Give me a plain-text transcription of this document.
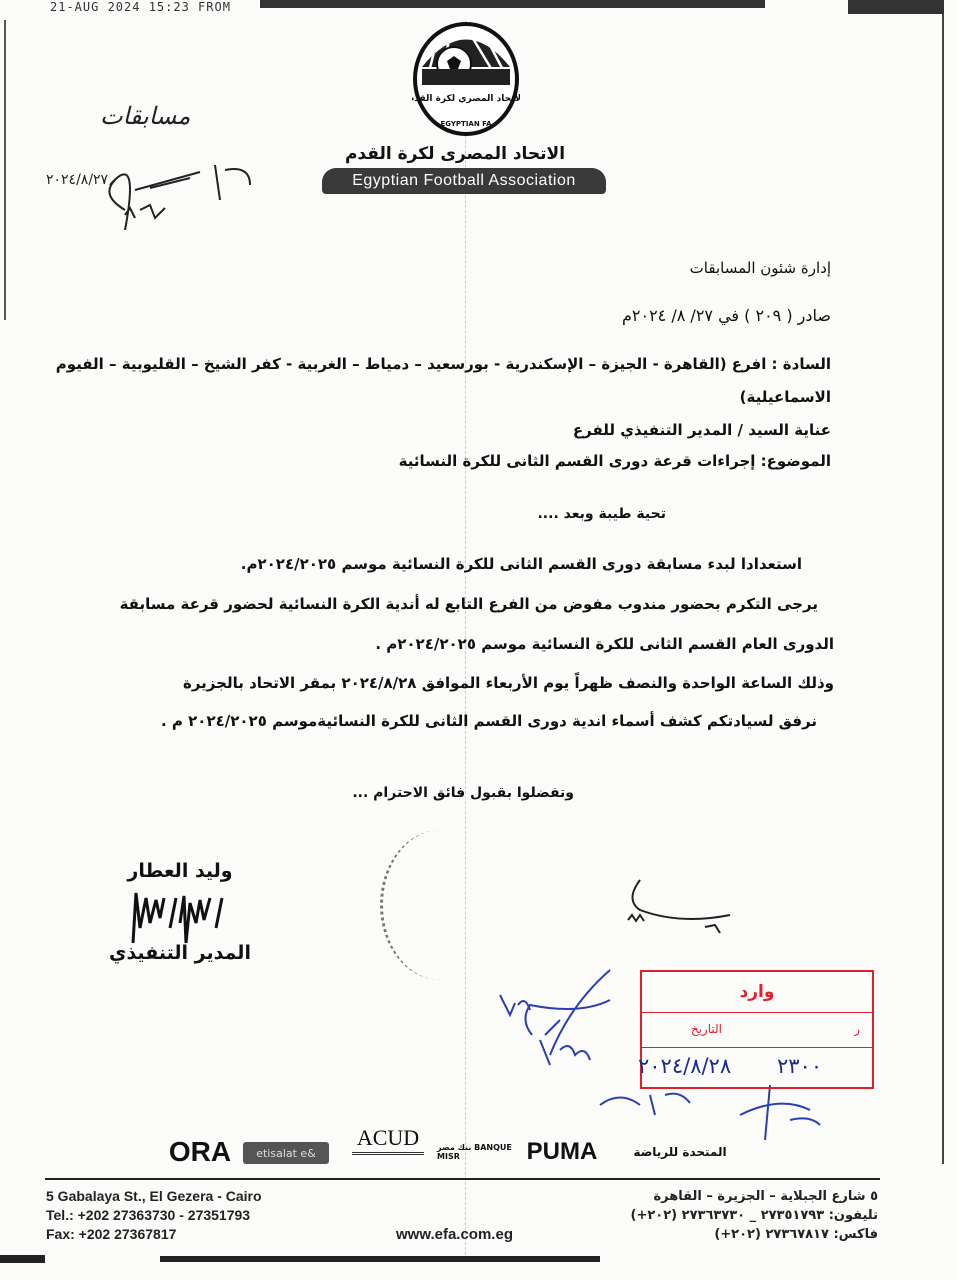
21-AUG 2024 15:23 FROM
الاتحاد المصري لكرة القدم
EGYPTIAN FA
الاتحاد المصرى لكرة القدم
Egyptian Football Association
مسابقات
٢٠٢٤/٨/٢٧
إدارة شئون المسابقات
صادر ( ٢٠٩ ) في ٢٧/ ٨/ ٢٠٢٤م
السادة : افرع (القاهرة - الجيزة – الإسكندرية - بورسعيد – دمياط – الغربية - كفر الشيخ – القليوبية – الفيوم
الاسماعيلية)
عناية السيد / المدير التنفيذي للفرع
الموضوع: إجراءات قرعة دورى القسم الثانى للكرة النسائية
تحية طيبة وبعد ....
استعدادا لبدء مسابقة دورى القسم الثانى للكرة النسائية موسم ٢٠٢٤/٢٠٢٥م.
يرجى التكرم بحضور مندوب مفوض من الفرع التابع له أندية الكرة النسائية لحضور قرعة مسابقة
الدورى العام القسم الثانى للكرة النسائية موسم ٢٠٢٤/٢٠٢٥م .
وذلك الساعة الواحدة والنصف ظهراً يوم الأربعاء الموافق ٢٠٢٤/٨/٢٨ بمقر الاتحاد بالجزيرة
نرفق لسيادتكم كشف أسماء اندية دورى القسم الثانى للكرة النسائيةموسم ٢٠٢٤/٢٠٢٥ م .
وتفضلوا بقبول فائق الاحترام ...
وليد العطار
المدير التنفيذي
وارد
التاريخ	ر
٢٠٢٤/٨/٢٨ ٢٣٠٠
ORA	etisalat e&
ACUD	بنك مصر BANQUE MISR	PUMA	المتحدة للرياضة
5 Gabalaya St., El Gezera - Cairo
Tel.: +202 27363730 - 27351793
Fax: +202 27367817	www.efa.com.eg
٥ شارع الجبلاية – الجزيرة – القاهرة
تليفون: ٢٧٣٥١٧٩٣ _ ٢٧٣٦٣٧٣٠ (٢٠٢+)
فاكس: ٢٧٣٦٧٨١٧ (٢٠٢+)
